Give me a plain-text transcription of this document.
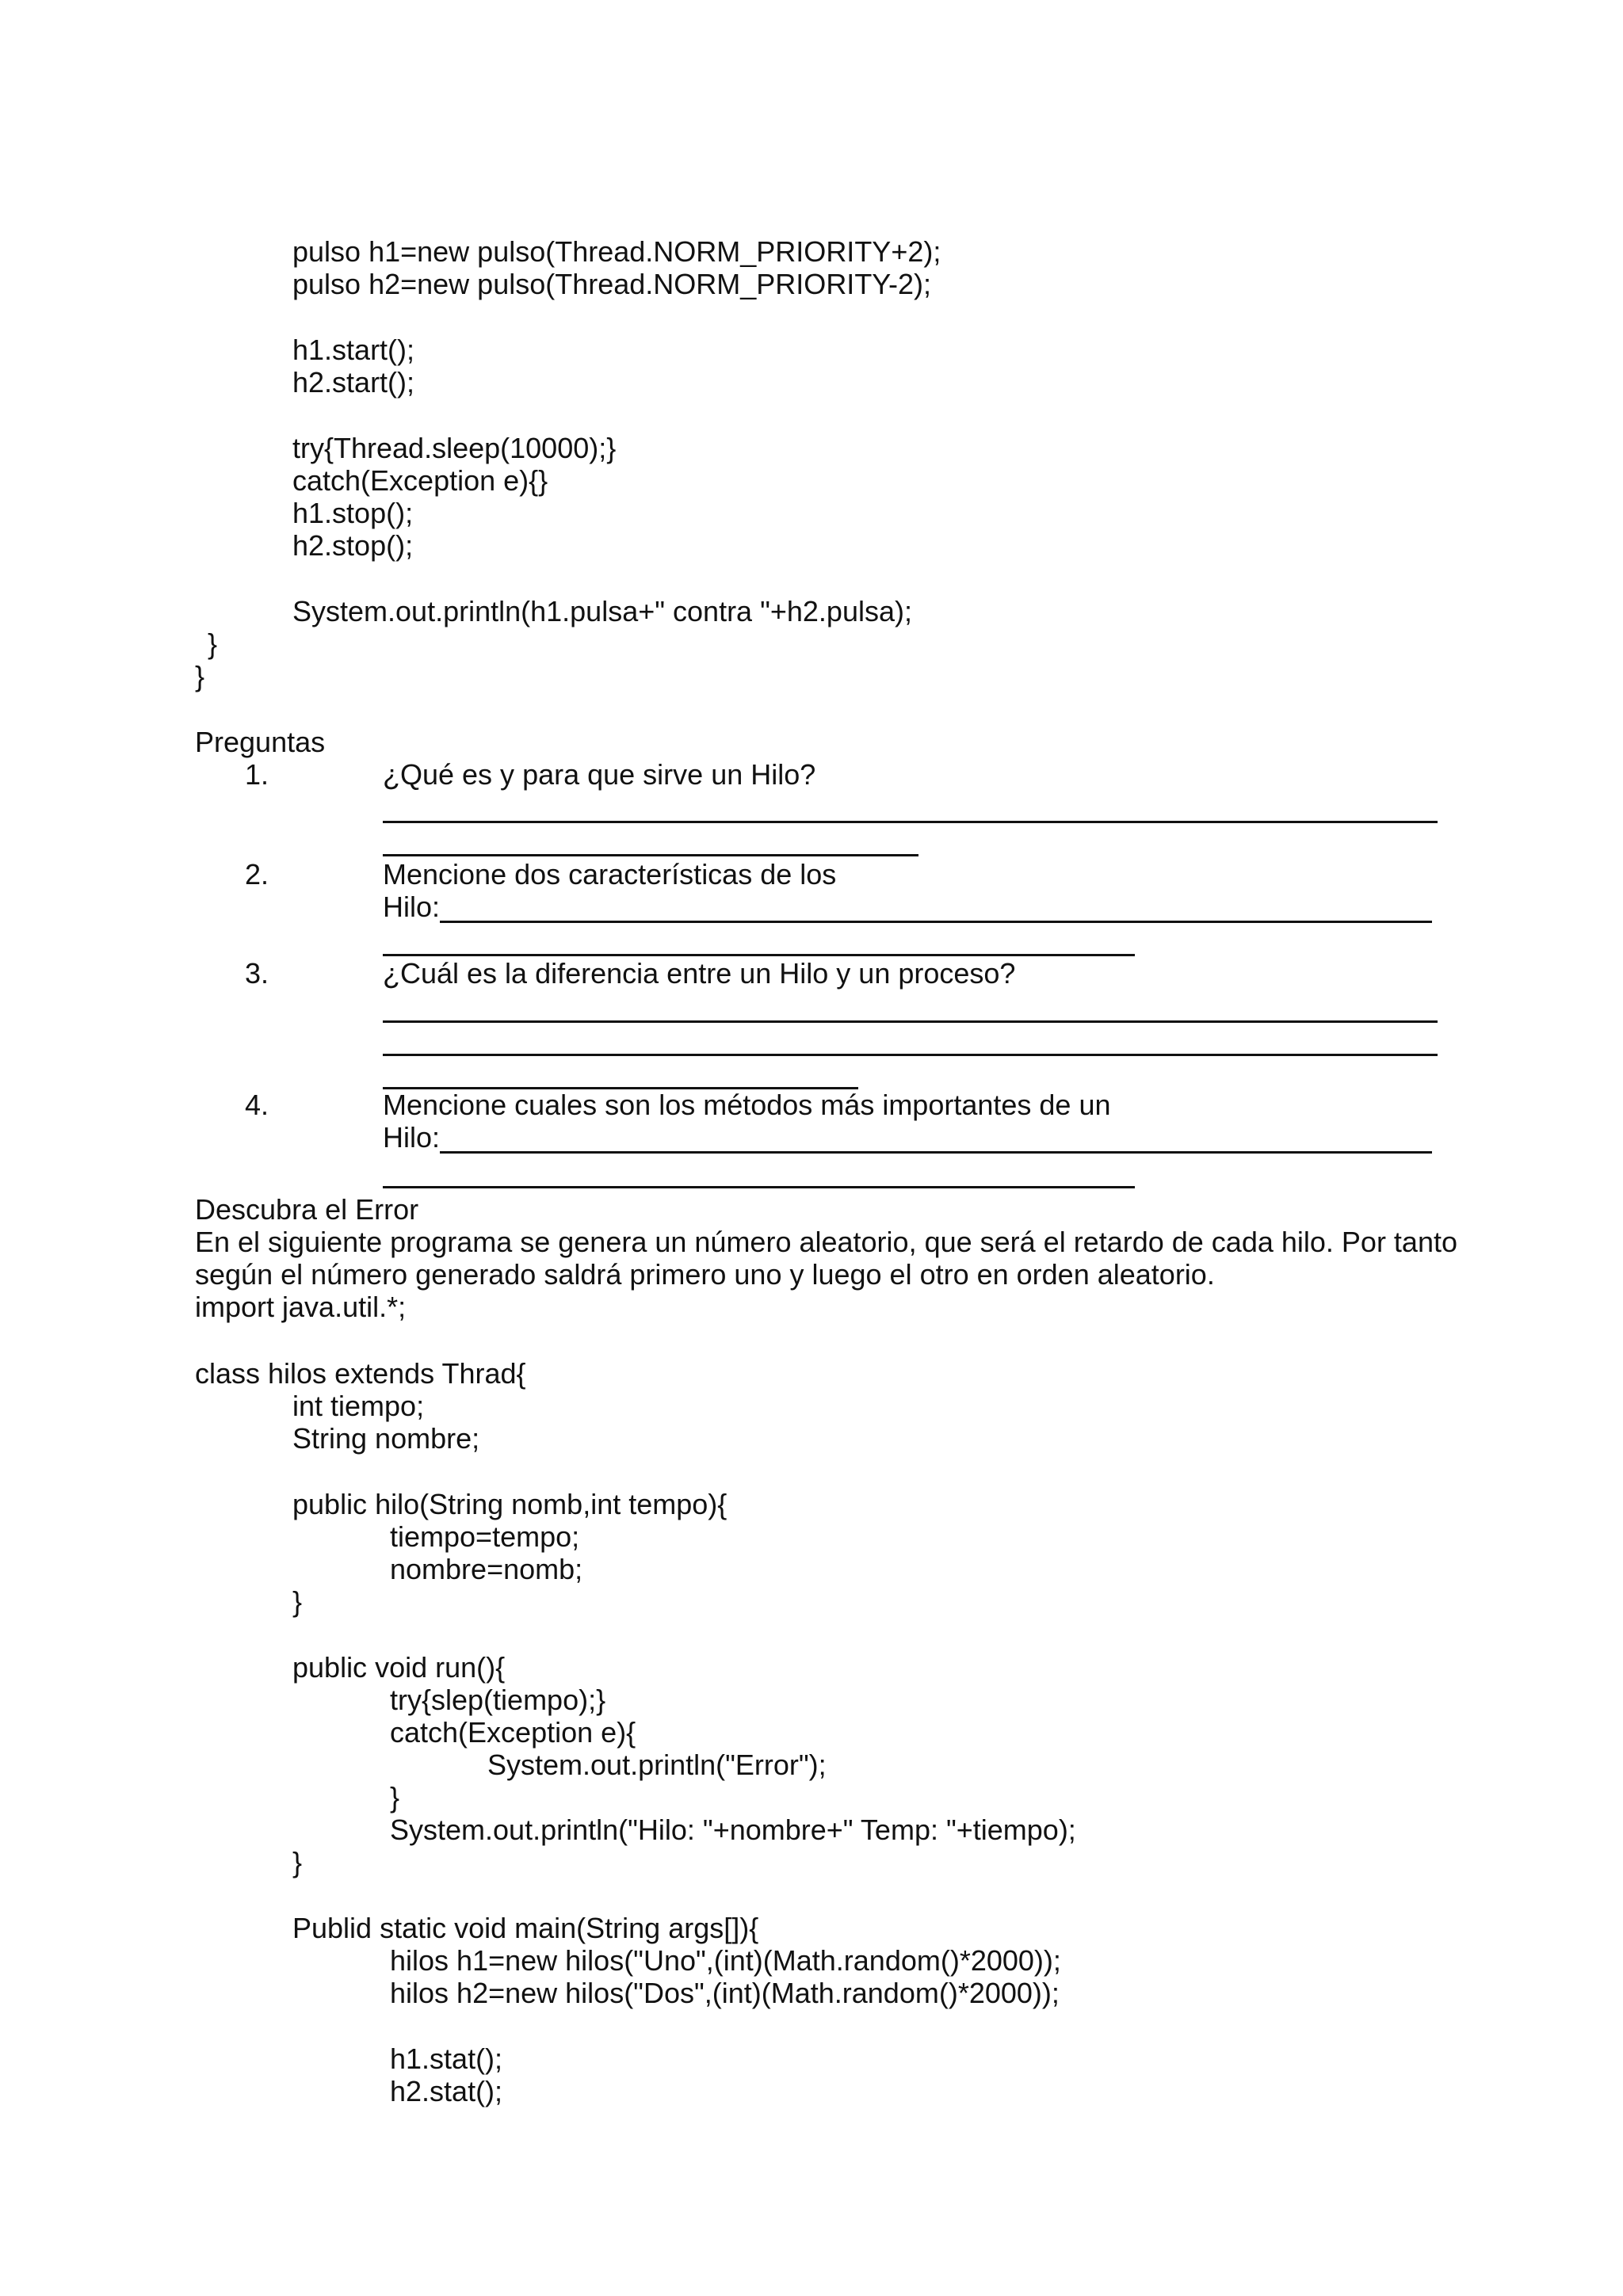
pulso h1=new pulso(Thread.NORM_PRIORITY+2);
pulso h2=new pulso(Thread.NORM_PRIORITY-2);
h1.start();
h2.start();
try{Thread.sleep(10000);}
catch(Exception e){}
h1.stop();
h2.stop();
System.out.println(h1.pulsa+" contra "+h2.pulsa);
}
}
Preguntas
1.	¿Qué es y para que sirve un Hilo?
2.	Mencione dos características de los
Hilo:
3.	¿Cuál es la diferencia entre un Hilo y un proceso?
4.	Mencione cuales son los métodos más importantes de un
Hilo:
Descubra el Error
En el siguiente programa se genera un número aleatorio, que será el retardo de cada hilo. Por tanto
según el número generado saldrá primero uno y luego el otro en orden aleatorio.
import java.util.*;
class hilos extends Thrad{
int tiempo;
String nombre;
public hilo(String nomb,int tempo){
tiempo=tempo;
nombre=nomb;
}
public void run(){
try{slep(tiempo);}
catch(Exception e){
System.out.println("Error");
}
System.out.println("Hilo: "+nombre+" Temp: "+tiempo);
}
Publid static void main(String args[]){
hilos h1=new hilos("Uno",(int)(Math.random()*2000));
hilos h2=new hilos("Dos",(int)(Math.random()*2000));
h1.stat();
h2.stat();
